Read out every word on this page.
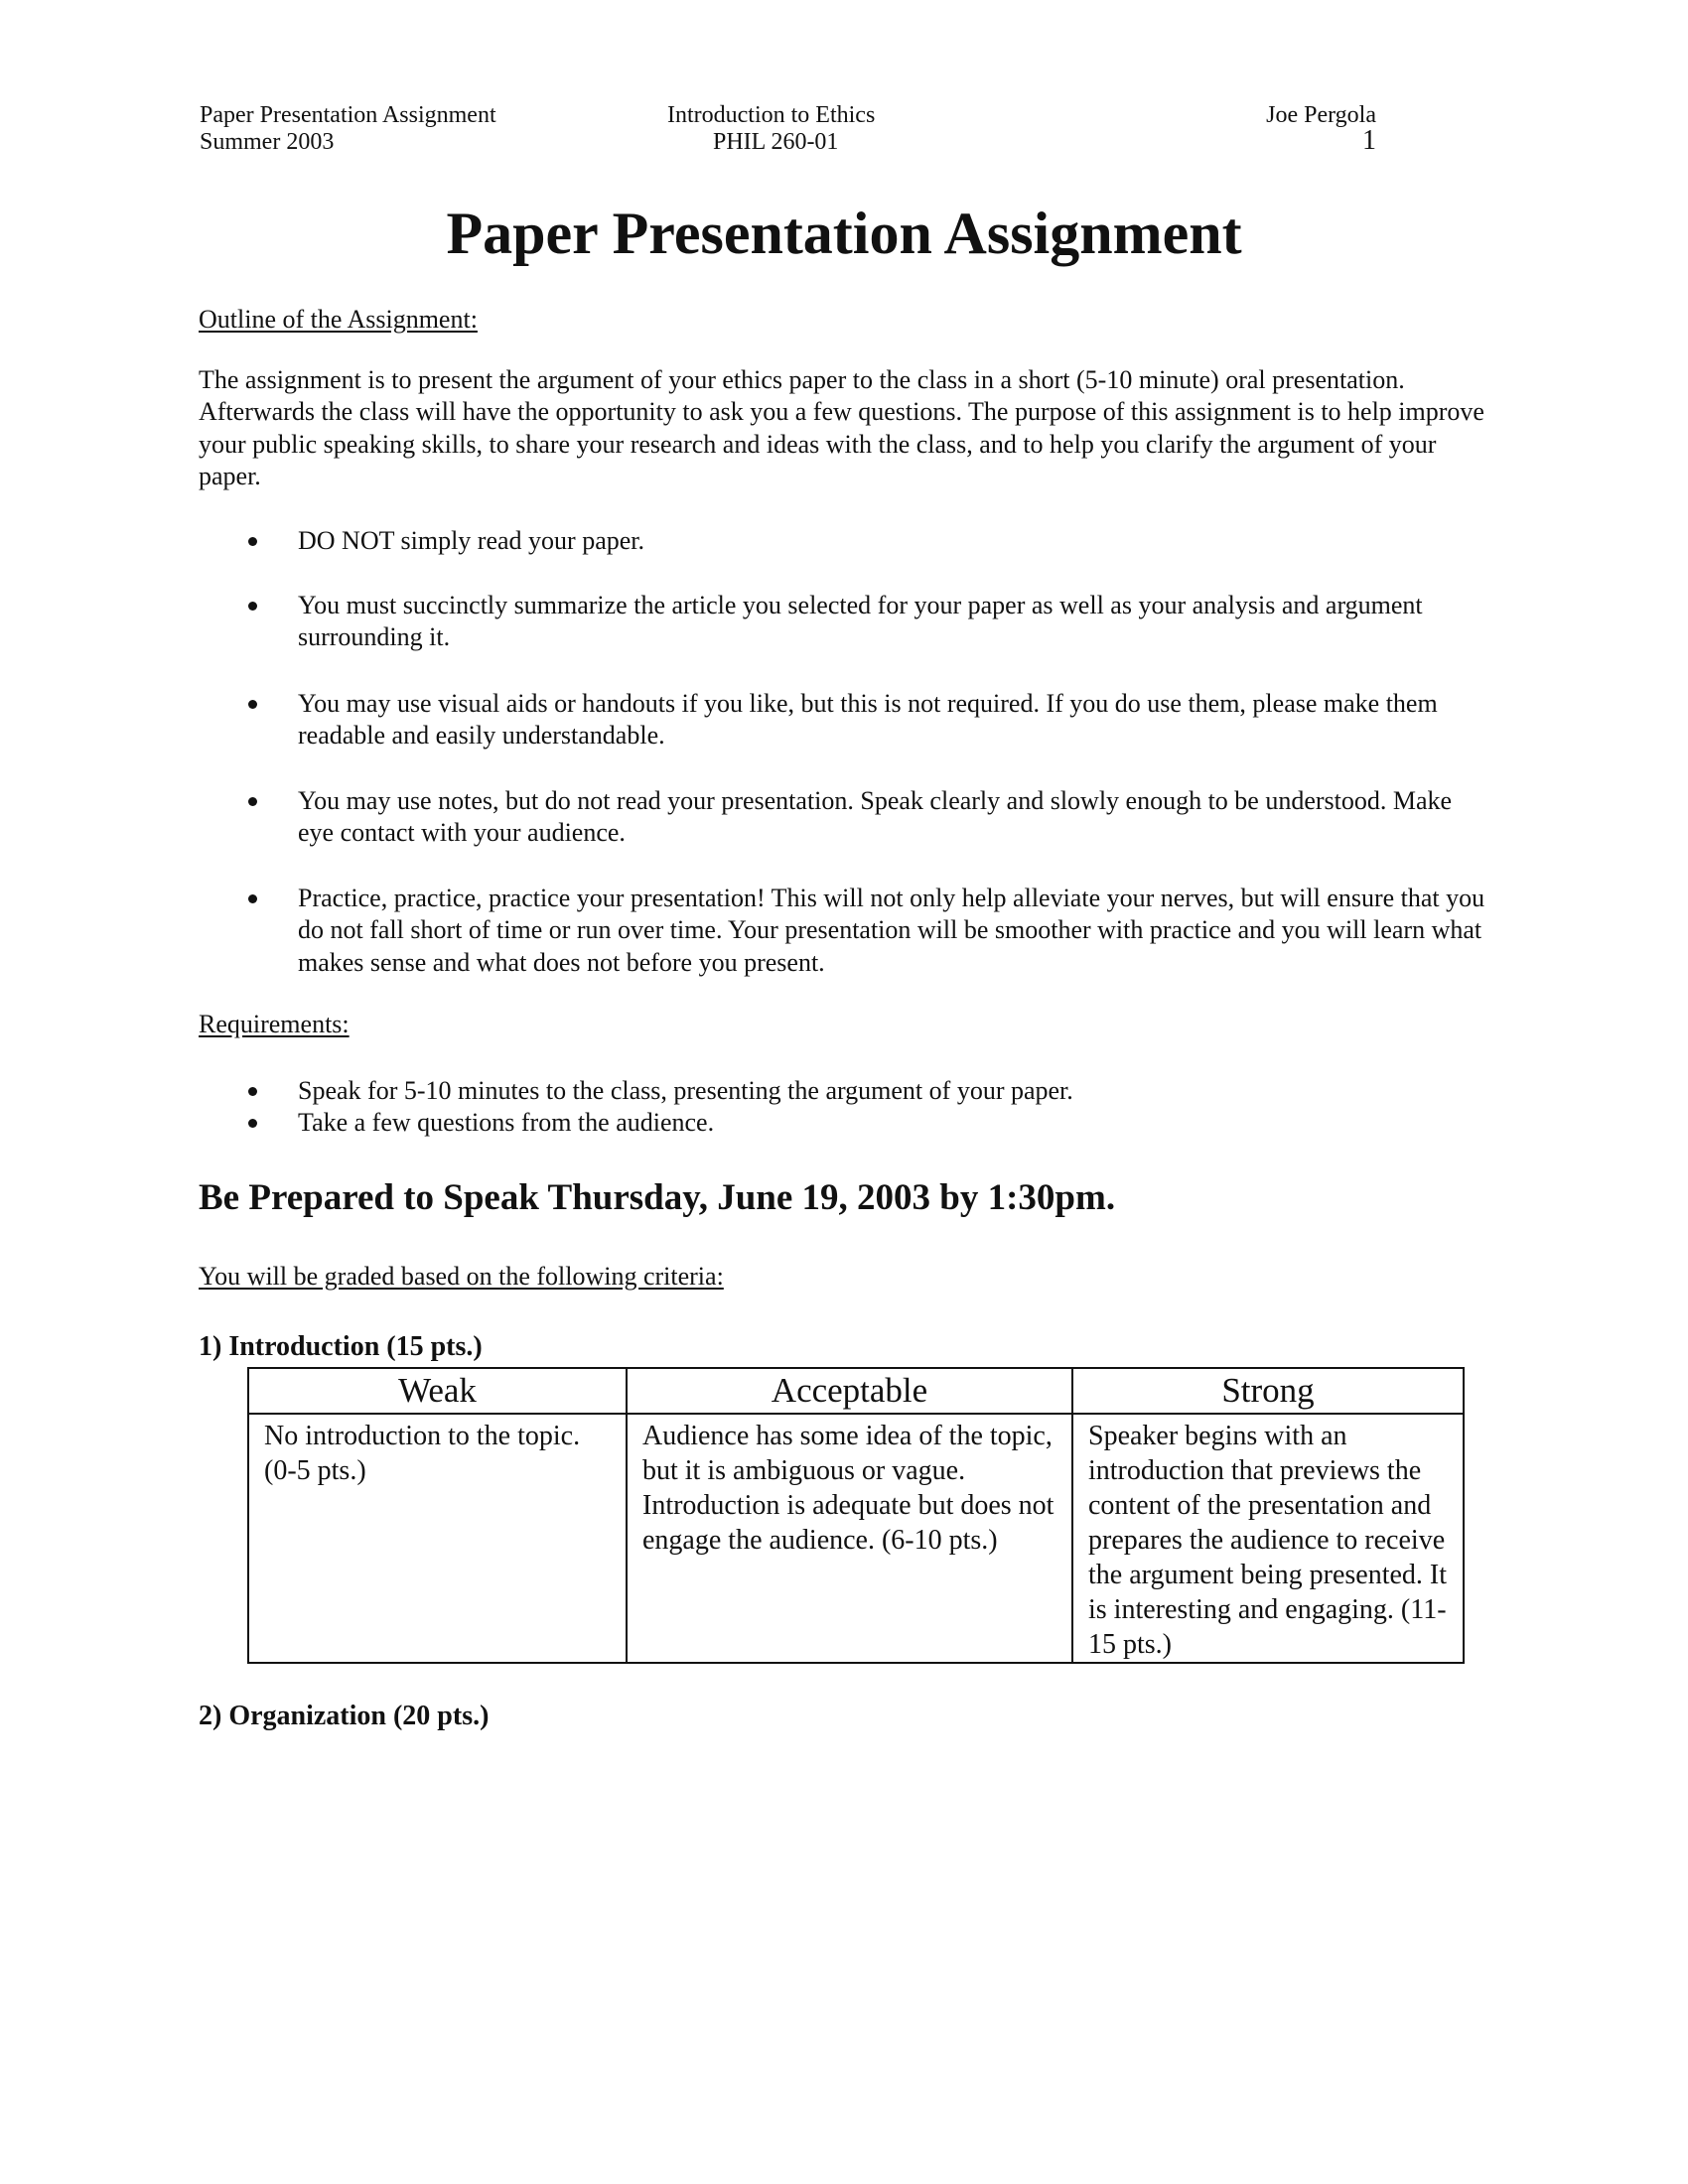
Paper Presentation Assignment
Summer 2003
Introduction to Ethics
PHIL 260-01
Joe Pergola
1
Paper Presentation Assignment
Outline of the Assignment:
The assignment is to present the argument of your ethics paper to the class in a short (5-10 minute) oral presentation. Afterwards the class will have the opportunity to ask you a few questions. The purpose of this assignment is to help improve your public speaking skills, to share your research and ideas with the class, and to help you clarify the argument of your paper.
DO NOT simply read your paper.
You must succinctly summarize the article you selected for your paper as well as your analysis and argument surrounding it.
You may use visual aids or handouts if you like, but this is not required. If you do use them, please make them readable and easily understandable.
You may use notes, but do not read your presentation. Speak clearly and slowly enough to be understood. Make eye contact with your audience.
Practice, practice, practice your presentation! This will not only help alleviate your nerves, but will ensure that you do not fall short of time or run over time. Your presentation will be smoother with practice and you will learn what makes sense and what does not before you present.
Requirements:
Speak for 5-10 minutes to the class, presenting the argument of your paper.
Take a few questions from the audience.
Be Prepared to Speak Thursday, June 19, 2003 by 1:30pm.
You will be graded based on the following criteria:
1) Introduction (15 pts.)
Weak	Acceptable	Strong
No introduction to the topic. (0-5 pts.)	Audience has some idea of the topic, but it is ambiguous or vague. Introduction is adequate but does not engage the audience. (6-10 pts.)	Speaker begins with an introduction that previews the content of the presentation and prepares the audience to receive the argument being presented. It is interesting and engaging. (11-15 pts.)
2) Organization (20 pts.)
